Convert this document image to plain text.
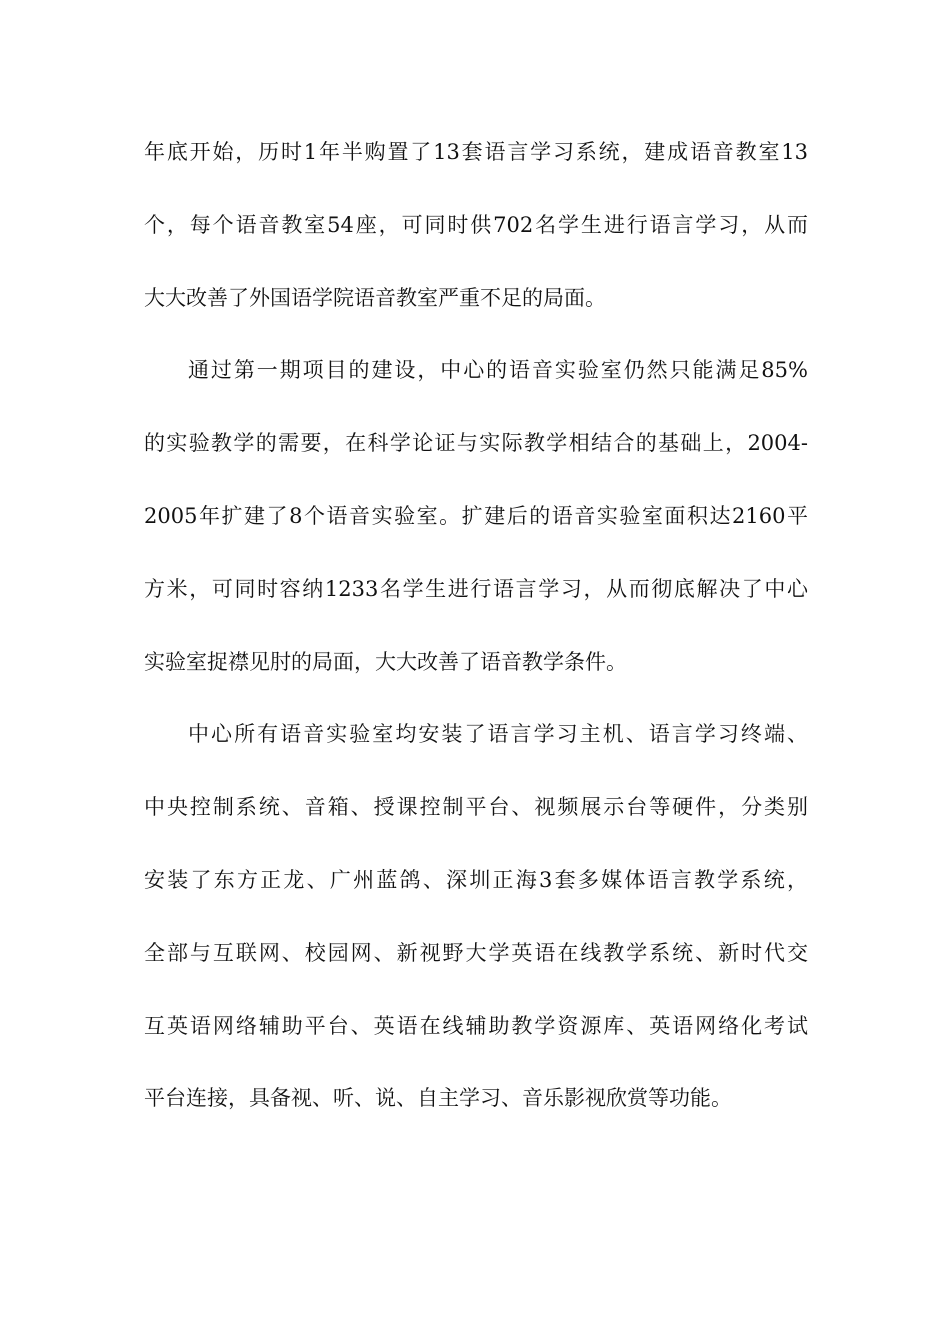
年底开始，历时1年半购置了13套语言学习系统，建成语音教室13
个，每个语音教室54座，可同时供702名学生进行语言学习，从而
大大改善了外国语学院语音教室严重不足的局面。
通过第一期项目的建设，中心的语音实验室仍然只能满足85%
的实验教学的需要，在科学论证与实际教学相结合的基础上，2004-
2005年扩建了8个语音实验室。扩建后的语音实验室面积达2160平
方米，可同时容纳1233名学生进行语言学习，从而彻底解决了中心
实验室捉襟见肘的局面，大大改善了语音教学条件。
中心所有语音实验室均安装了语言学习主机、语言学习终端、
中央控制系统、音箱、授课控制平台、视频展示台等硬件，分类别
安装了东方正龙、广州蓝鸽、深圳正海3套多媒体语言教学系统，
全部与互联网、校园网、新视野大学英语在线教学系统、新时代交
互英语网络辅助平台、英语在线辅助教学资源库、英语网络化考试
平台连接，具备视、听、说、自主学习、音乐影视欣赏等功能。
